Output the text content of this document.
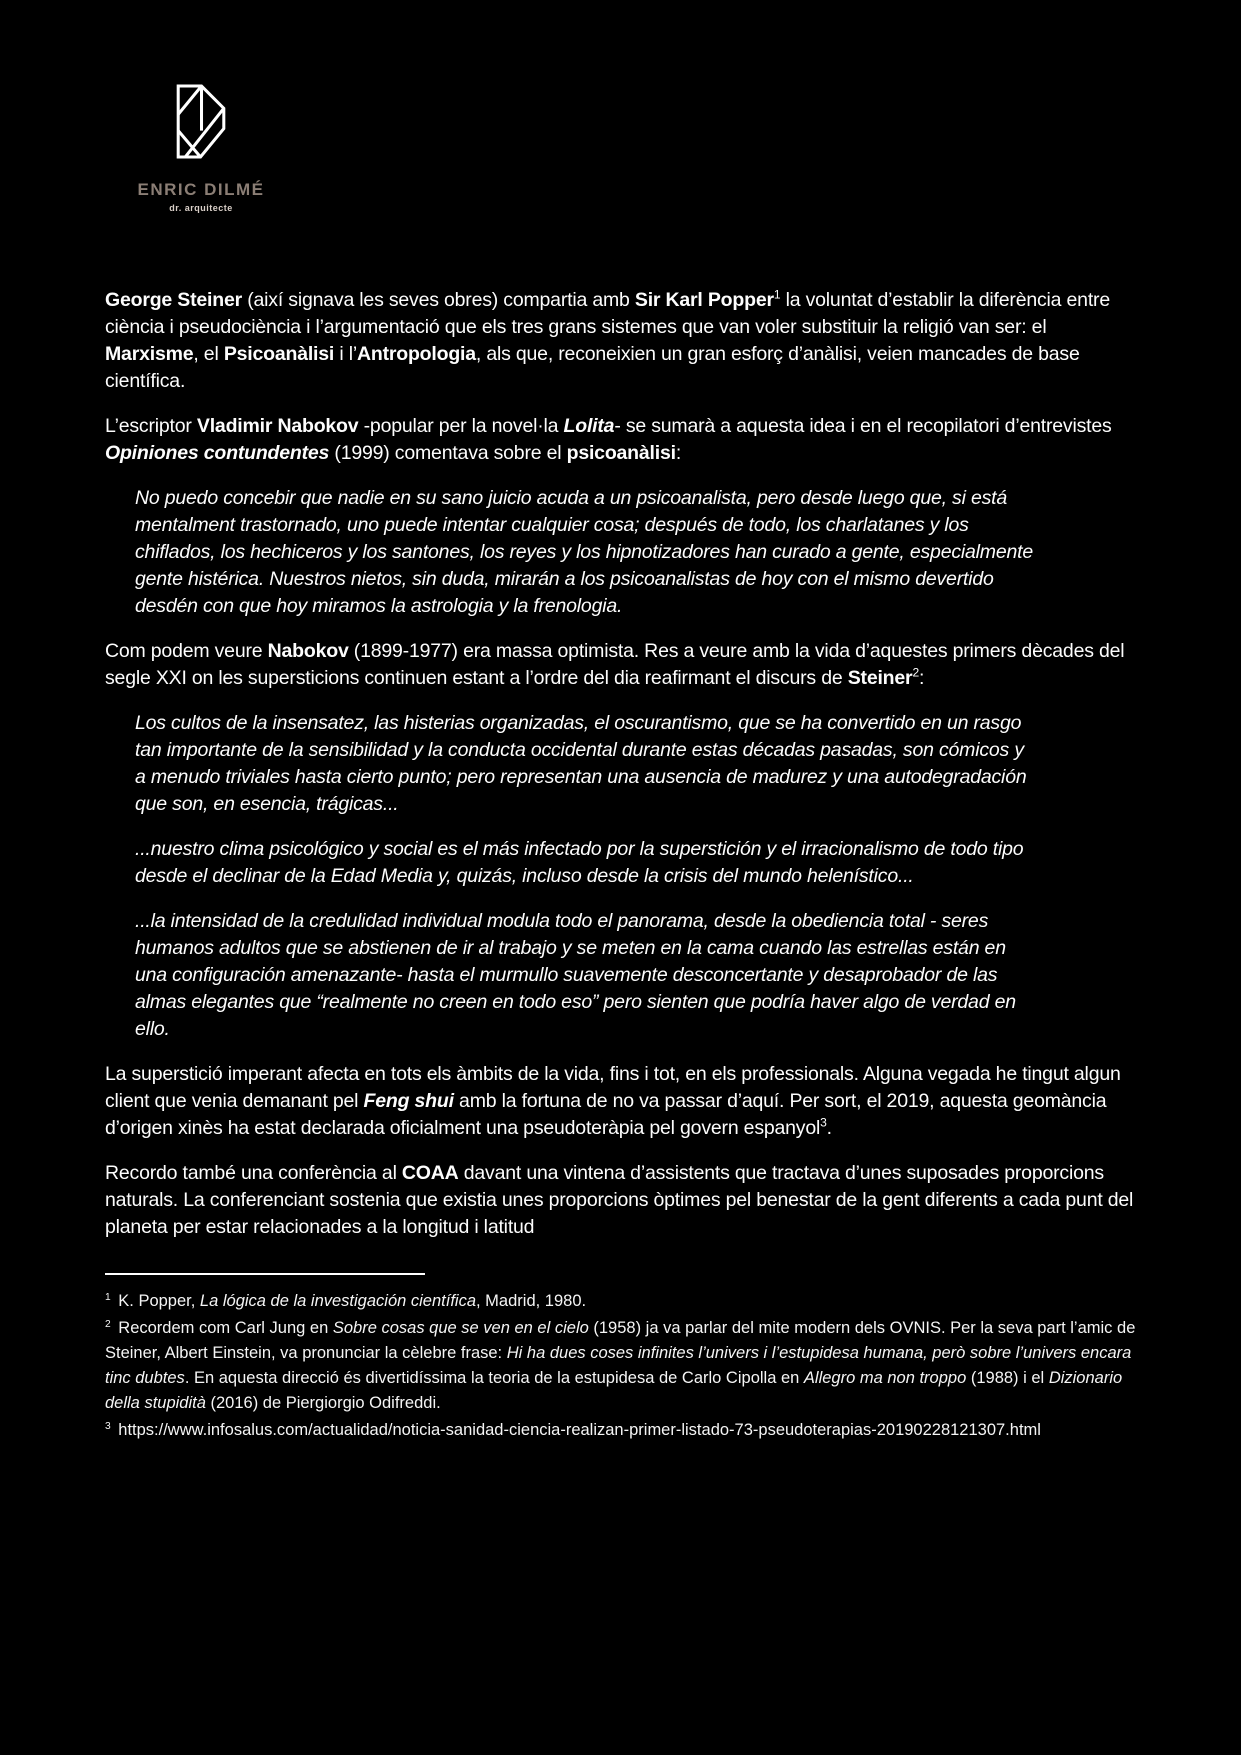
ENRIC DILMÉ
dr. arquitecte

George Steiner (així signava les seves obres) compartia amb Sir Karl Popper$^1$ la voluntat d’establir la diferència entre ciència i pseudociència i l’argumentació que els tres grans sistemes que van voler substituir la religió van ser: el Marxisme, el Psicoanàlisi i l’Antropologia, als que, reconeixien un gran esforç d’anàlisi, veien mancades de base científica.

L’escriptor Vladimir Nabokov -popular per la novel·la Lolita- se sumarà a aquesta idea i en el recopilatori d’entrevistes Opiniones contundentes (1999) comentava sobre el psicoanàlisi:

No puedo concebir que nadie en su sano juicio acuda a un psicoanalista, pero desde luego que, si está mentalment trastornado, uno puede intentar cualquier cosa; después de todo, los charlatanes y los chiflados, los hechiceros y los santones, los reyes y los hipnotizadores han curado a gente, especialmente gente histérica. Nuestros nietos, sin duda, mirarán a los psicoanalistas de hoy con el mismo devertido desdén con que hoy miramos la astrologia y la frenologia.

Com podem veure Nabokov (1899-1977) era massa optimista. Res a veure amb la vida d’aquestes primers dècades del segle XXI on les supersticions continuen estant a l’ordre del dia reafirmant el discurs de Steiner$^2$:

Los cultos de la insensatez, las histerias organizadas, el oscurantismo, que se ha convertido en un rasgo tan importante de la sensibilidad y la conducta occidental durante estas décadas pasadas, son cómicos y a menudo triviales hasta cierto punto; pero representan una ausencia de madurez y una autodegradación que son, en esencia, trágicas...

...nuestro clima psicológico y social es el más infectado por la superstición y el irracionalismo de todo tipo desde el declinar de la Edad Media y, quizás, incluso desde la crisis del mundo helenístico...

...la intensidad de la credulidad individual modula todo el panorama, desde la obediencia total - seres humanos adultos que se abstienen de ir al trabajo y se meten en la cama cuando las estrellas están en una configuración amenazante- hasta el murmullo suavemente desconcertante y desaprobador de las almas elegantes que “realmente no creen en todo eso” pero sienten que podría haver algo de verdad en ello.

La superstició imperant afecta en tots els àmbits de la vida, fins i tot, en els professionals. Alguna vegada he tingut algun client que venia demanant pel Feng shui amb la fortuna de no va passar d’aquí. Per sort, el 2019, aquesta geomància d’origen xinès ha estat declarada oficialment una pseudoteràpia pel govern espanyol$^3$.

Recordo també una conferència al COAA davant una vintena d’assistents que tractava d’unes suposades proporcions naturals. La conferenciant sostenia que existia unes proporcions òptimes pel benestar de la gent diferents a cada punt del planeta per estar relacionades a la longitud i latitud

$^1$ K. Popper, La lógica de la investigación científica, Madrid, 1980.
$^2$ Recordem com Carl Jung en Sobre cosas que se ven en el cielo (1958) ja va parlar del mite modern dels OVNIS. Per la seva part l’amic de Steiner, Albert Einstein, va pronunciar la cèlebre frase: Hi ha dues coses infinites l’univers i l’estupidesa humana, però sobre l’univers encara tinc dubtes. En aquesta direcció és divertidíssima la teoria de la estupidesa de Carlo Cipolla en Allegro ma non troppo (1988) i el Dizionario della stupidità (2016) de Piergiorgio Odifreddi.
$^3$ https://www.infosalus.com/actualidad/noticia-sanidad-ciencia-realizan-primer-listado-73-pseudoterapias-20190228121307.html
